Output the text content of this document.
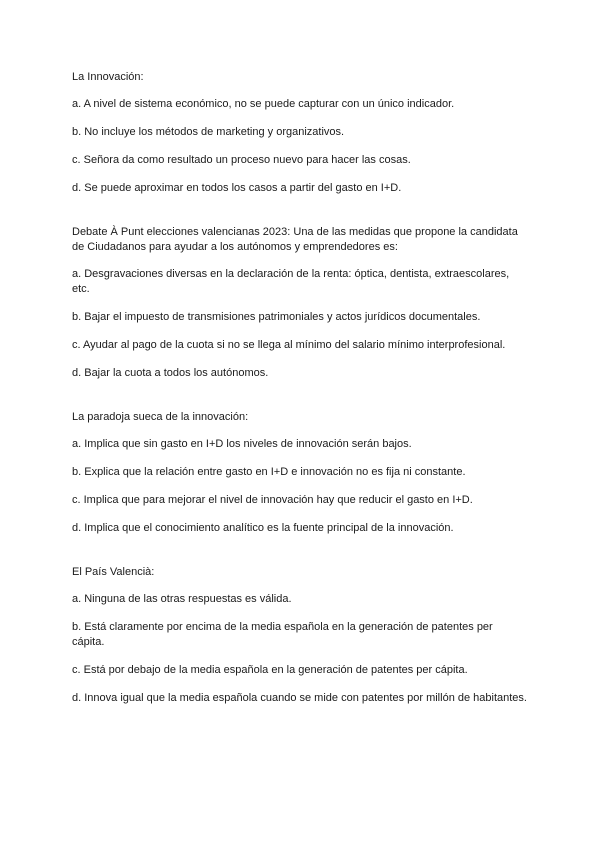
La Innovación:

a. A nivel de sistema económico, no se puede capturar con un único indicador.

b. No incluye los métodos de marketing y organizativos.

c. Señora da como resultado un proceso nuevo para hacer las cosas.

d. Se puede aproximar en todos los casos a partir del gasto en I+D.

Debate À Punt elecciones valencianas 2023: Una de las medidas que propone la candidata de Ciudadanos para ayudar a los autónomos y emprendedores es:

a. Desgravaciones diversas en la declaración de la renta: óptica, dentista, extraescolares, etc.

b. Bajar el impuesto de transmisiones patrimoniales y actos jurídicos documentales.

c. Ayudar al pago de la cuota si no se llega al mínimo del salario mínimo interprofesional.

d. Bajar la cuota a todos los autónomos.

La paradoja sueca de la innovación:

a. Implica que sin gasto en I+D los niveles de innovación serán bajos.

b. Explica que la relación entre gasto en I+D e innovación no es fija ni constante.

c. Implica que para mejorar el nivel de innovación hay que reducir el gasto en I+D.

d. Implica que el conocimiento analítico es la fuente principal de la innovación.

El País Valencià:

a. Ninguna de las otras respuestas es válida.

b. Está claramente por encima de la media española en la generación de patentes per cápita.

c. Está por debajo de la media española en la generación de patentes per cápita.

d. Innova igual que la media española cuando se mide con patentes por millón de habitantes.
